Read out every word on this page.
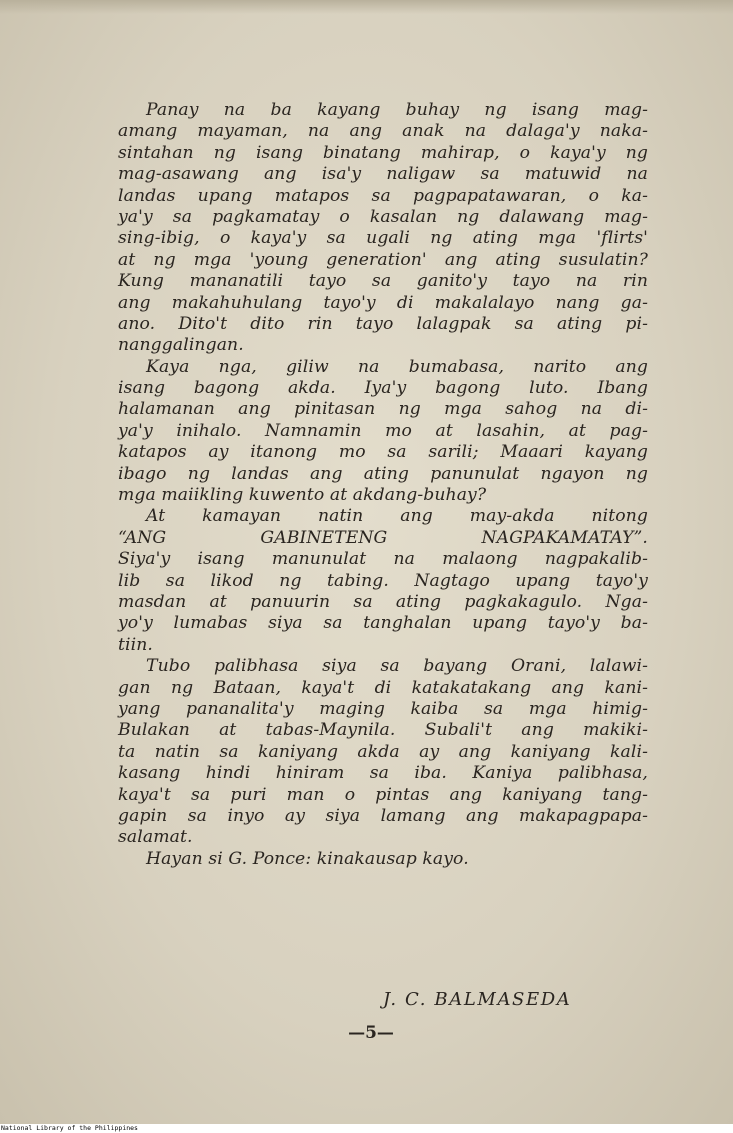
Panay na ba kayang buhay ng isang mag-
amang mayaman, na ang anak na dalaga'y naka-
sintahan ng isang binatang mahirap, o kaya'y ng
mag-asawang ang isa'y naligaw sa matuwid na
landas upang matapos sa pagpapatawaran, o ka-
ya'y sa pagkamatay o kasalan ng dalawang mag-
sing-ibig, o kaya'y sa ugali ng ating mga 'flirts'
at ng mga 'young generation' ang ating susulatin?
Kung mananatili tayo sa ganito'y tayo na rin
ang makahuhulang tayo'y di makalalayo nang ga-
ano. Dito't dito rin tayo lalagpak sa ating pi-
nanggalingan.
Kaya nga, giliw na bumabasa, narito ang
isang bagong akda. Iya'y bagong luto. Ibang
halamanan ang pinitasan ng mga sahog na di-
ya'y inihalo. Namnamin mo at lasahin, at pag-
katapos ay itanong mo sa sarili; Maaari kayang
ibago ng landas ang ating panunulat ngayon ng
mga maiikling kuwento at akdang-buhay?
At kamayan natin ang may-akda nitong
“ANG GABINETENG NAGPAKAMATAY”.
Siya'y isang manunulat na malaong nagpakalib-
lib sa likod ng tabing. Nagtago upang tayo'y
masdan at panuurin sa ating pagkakagulo. Nga-
yo'y lumabas siya sa tanghalan upang tayo'y ba-
tiin.
Tubo palibhasa siya sa bayang Orani, lalawi-
gan ng Bataan, kaya't di katakatakang ang kani-
yang pananalita'y maging kaiba sa mga himig-
Bulakan at tabas-Maynila. Subali't ang makiki-
ta natin sa kaniyang akda ay ang kaniyang kali-
kasang hindi hiniram sa iba. Kaniya palibhasa,
kaya't sa puri man o pintas ang kaniyang tang-
gapin sa inyo ay siya lamang ang makapagpapa-
salamat.
Hayan si G. Ponce: kinakausap kayo.
J. C. BALMASEDA
—5—
National Library of the Philippines
